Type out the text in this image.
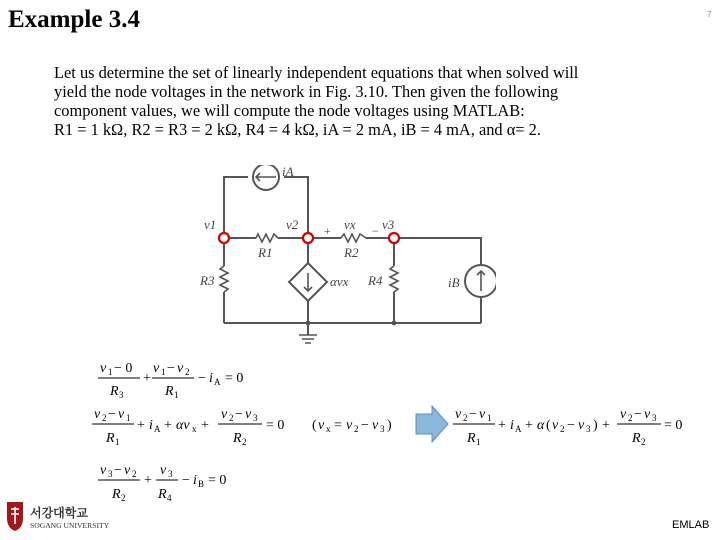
Example 3.4	7

Let us determine the set of linearly independent equations that when solved will

yield the node voltages in the network in Fig. 3.10. Then given the following

component values, we will compute the node voltages using MATLAB:

R1 = 1 kΩ, R2 = R3 = 2 kΩ, R4 = 4 kΩ, iA = 2 mA, iB = 4 mA, and α= 2.

iA
v1	v2	vx v3
R1	R2
R3	R4
αvx	iB
+	−
v 1 − 0
R 3
+
v 1 − v 2
R 1
− i A = 0
v 2 − v 1
R 1
+ i A + αv x +
v 2 − v 3
R 2
= 0 ( v x = v 2 − v 3 )
v 2 − v 1
R 1
+ i A + α ( v 2 − v 3 ) +
v 2 − v 3
R 2
= 0
v 3 − v 2
R 2
+
v 3
R 4
− i B = 0
서강대학교
SOGANG UNIVERSITY	EMLAB
